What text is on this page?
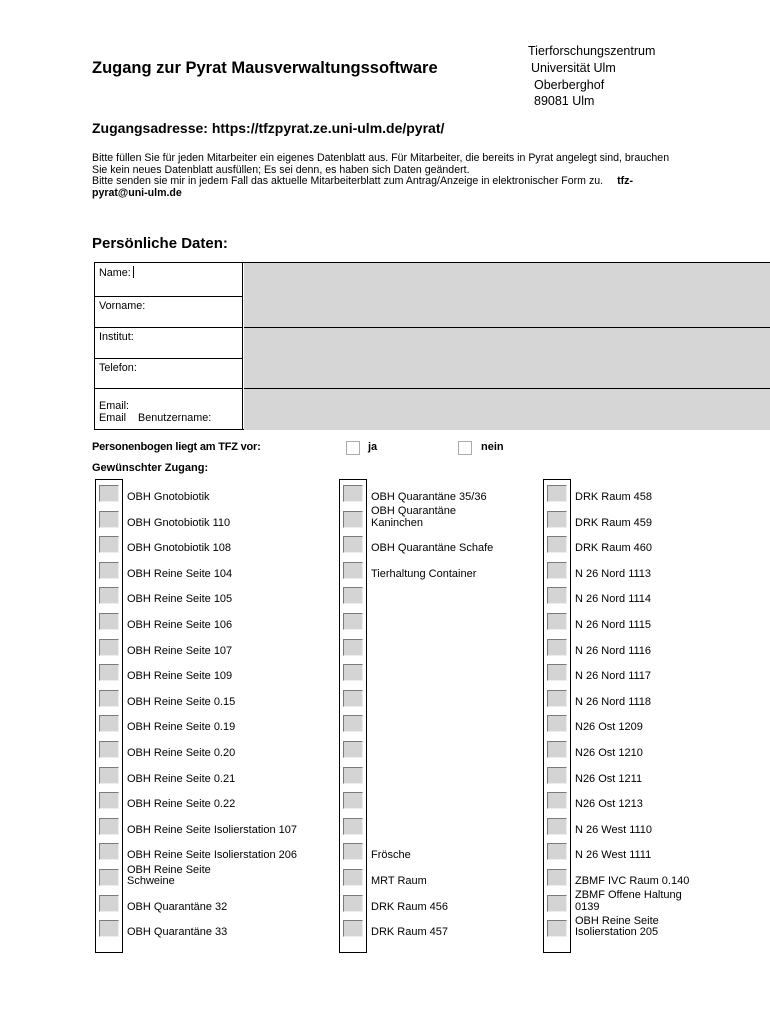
Zugang zur Pyrat Mausverwaltungssoftware
Tierforschungszentrum
Universität Ulm
Oberberghof
89081 Ulm
Zugangsadresse: https://tfzpyrat.ze.uni-ulm.de/pyrat/
Bitte füllen Sie für jeden Mitarbeiter ein eigenes Datenblatt aus. Für Mitarbeiter, die bereits in Pyrat angelegt sind, brauchen Sie kein neues Datenblatt ausfüllen; Es sei denn, es haben sich Daten geändert.
Bitte senden sie mir in jedem Fall das aktuelle Mitarbeiterblatt zum Antrag/Anzeige in elektronischer Form zu. tfz-pyrat@uni-ulm.de
Persönliche Daten:
Name:
Vorname:
Institut:
Telefon:
Email:
Email    Benutzername:
Personenbogen liegt am TFZ vor:	ja	nein
Gewünschter Zugang:
OBH Gnotobiotik
OBH Gnotobiotik 110
OBH Gnotobiotik 108
OBH Reine Seite 104
OBH Reine Seite 105
OBH Reine Seite 106
OBH Reine Seite 107
OBH Reine Seite 109
OBH Reine Seite 0.15
OBH Reine Seite 0.19
OBH Reine Seite 0.20
OBH Reine Seite 0.21
OBH Reine Seite 0.22
OBH Reine Seite Isolierstation 107
OBH Reine Seite Isolierstation 206
OBH Reine Seite
Schweine
OBH Quarantäne 32
OBH Quarantäne 33
OBH Quarantäne 35/36
OBH Quarantäne
Kaninchen
OBH Quarantäne Schafe
Tierhaltung Container
Frösche
MRT Raum
DRK Raum 456
DRK Raum 457
DRK Raum 458
DRK Raum 459
DRK Raum 460
N 26 Nord 1113
N 26 Nord 1114
N 26 Nord 1115
N 26 Nord 1116
N 26 Nord 1117
N 26 Nord 1118
N26 Ost 1209
N26 Ost 1210
N26 Ost 1211
N26 Ost 1213
N 26 West 1110
N 26 West 1111
ZBMF IVC Raum 0.140
ZBMF Offene Haltung
0139
OBH Reine Seite
Isolierstation 205
